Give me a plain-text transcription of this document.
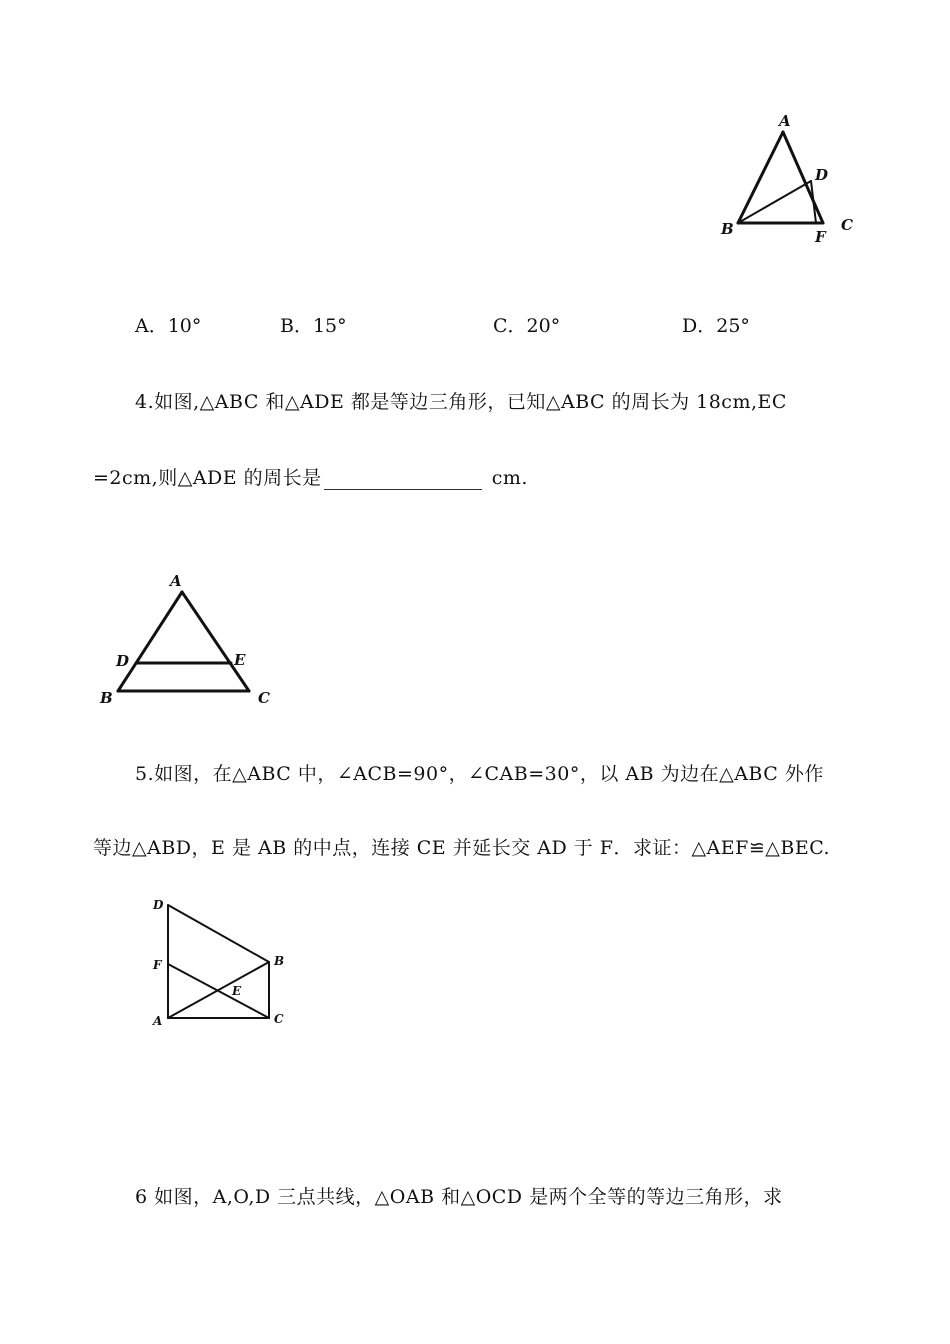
A
D
B	C
F
A．10°	B．15°	C．20°	D．25°
4.如图,△ABC 和△ADE 都是等边三角形，已知△ABC 的周长为 18cm,EC
=2cm,则△ADE 的周长是	cm.
A
D	E
B	C
5.如图，在△ABC 中，∠ACB=90°，∠CAB=30°，以 AB 为边在△ABC 外作
等边△ABD，E 是 AB 的中点，连接 CE 并延长交 AD 于 F．求证：△AEF≌△BEC.
D
F
A
B
C
E
6 如图，A,O,D 三点共线，△OAB 和△OCD 是两个全等的等边三角形，求
